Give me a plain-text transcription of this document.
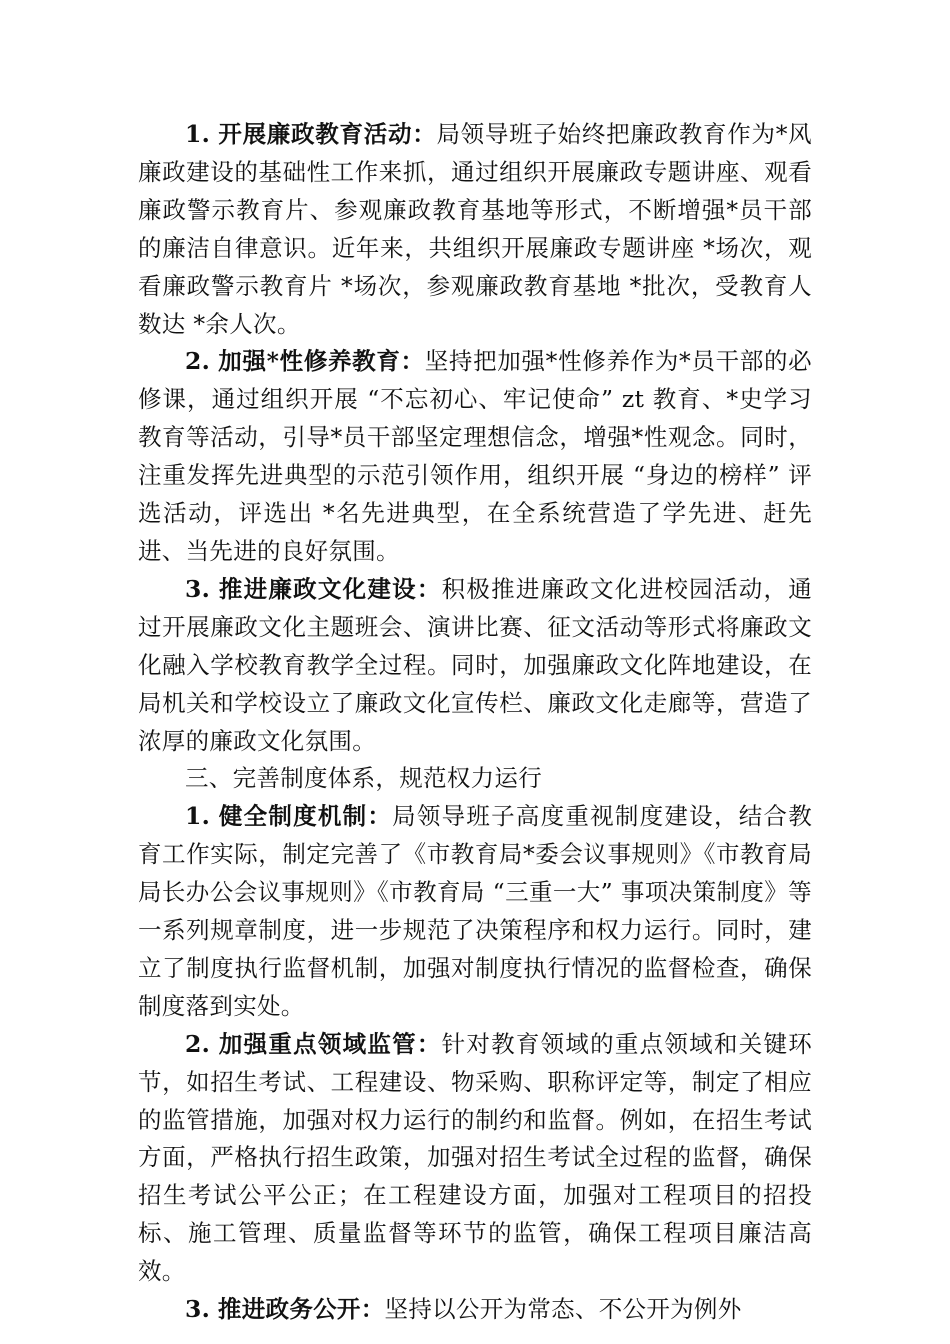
1. 开展廉政教育活动：局领导班子始终把廉政教育作为*风廉政建设的基础性工作来抓，通过组织开展廉政专题讲座、观看廉政警示教育片、参观廉政教育基地等形式，不断增强*员干部的廉洁自律意识。近年来，共组织开展廉政专题讲座 *场次，观看廉政警示教育片 *场次，参观廉政教育基地 *批次，受教育人数达 *余人次。

2. 加强*性修养教育：坚持把加强*性修养作为*员干部的必修课，通过组织开展 “不忘初心、牢记使命” zt 教育、*史学习教育等活动，引导*员干部坚定理想信念，增强*性观念。同时，注重发挥先进典型的示范引领作用，组织开展 “身边的榜样” 评选活动，评选出 *名先进典型，在全系统营造了学先进、赶先进、当先进的良好氛围。

3. 推进廉政文化建设：积极推进廉政文化进校园活动，通过开展廉政文化主题班会、演讲比赛、征文活动等形式将廉政文化融入学校教育教学全过程。同时，加强廉政文化阵地建设，在局机关和学校设立了廉政文化宣传栏、廉政文化走廊等，营造了浓厚的廉政文化氛围。

三、完善制度体系，规范权力运行

1. 健全制度机制：局领导班子高度重视制度建设，结合教育工作实际，制定完善了《市教育局*委会议事规则》《市教育局局长办公会议事规则》《市教育局 “三重一大” 事项决策制度》等一系列规章制度，进一步规范了决策程序和权力运行。同时，建立了制度执行监督机制，加强对制度执行情况的监督检查，确保制度落到实处。

2. 加强重点领域监管：针对教育领域的重点领域和关键环节，如招生考试、工程建设、物采购、职称评定等，制定了相应的监管措施，加强对权力运行的制约和监督。例如，在招生考试方面，严格执行招生政策，加强对招生考试全过程的监督，确保招生考试公平公正；在工程建设方面，加强对工程项目的招投标、施工管理、质量监督等环节的监管，确保工程项目廉洁高效。

3. 推进政务公开：坚持以公开为常态、不公开为例外
